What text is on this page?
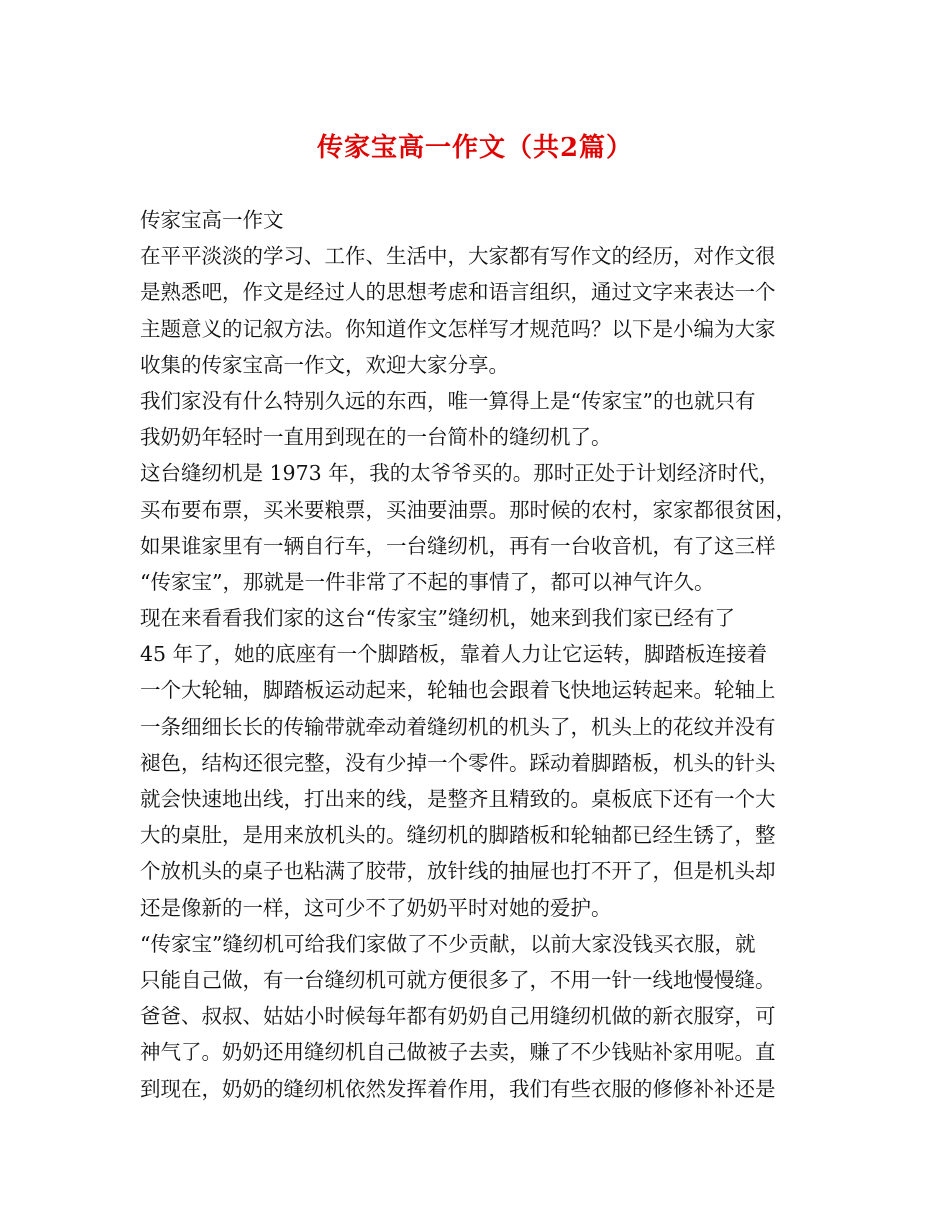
传家宝高一作文（共2篇）
传家宝高一作文
在平平淡淡的学习、工作、生活中，大家都有写作文的经历，对作文很
是熟悉吧，作文是经过人的思想考虑和语言组织，通过文字来表达一个
主题意义的记叙方法。你知道作文怎样写才规范吗？以下是小编为大家
收集的传家宝高一作文，欢迎大家分享。
我们家没有什么特别久远的东西，唯一算得上是“传家宝”的也就只有
我奶奶年轻时一直用到现在的一台简朴的缝纫机了。
这台缝纫机是 1973 年，我的太爷爷买的。那时正处于计划经济时代，
买布要布票，买米要粮票，买油要油票。那时候的农村，家家都很贫困，
如果谁家里有一辆自行车，一台缝纫机，再有一台收音机，有了这三样
“传家宝”，那就是一件非常了不起的事情了，都可以神气许久。
现在来看看我们家的这台“传家宝”缝纫机，她来到我们家已经有了
45 年了，她的底座有一个脚踏板，靠着人力让它运转，脚踏板连接着
一个大轮轴，脚踏板运动起来，轮轴也会跟着飞快地运转起来。轮轴上
一条细细长长的传输带就牵动着缝纫机的机头了，机头上的花纹并没有
褪色，结构还很完整，没有少掉一个零件。踩动着脚踏板，机头的针头
就会快速地出线，打出来的线，是整齐且精致的。桌板底下还有一个大
大的桌肚，是用来放机头的。缝纫机的脚踏板和轮轴都已经生锈了，整
个放机头的桌子也粘满了胶带，放针线的抽屉也打不开了，但是机头却
还是像新的一样，这可少不了奶奶平时对她的爱护。
“传家宝”缝纫机可给我们家做了不少贡献，以前大家没钱买衣服，就
只能自己做，有一台缝纫机可就方便很多了，不用一针一线地慢慢缝。
爸爸、叔叔、姑姑小时候每年都有奶奶自己用缝纫机做的新衣服穿，可
神气了。奶奶还用缝纫机自己做被子去卖，赚了不少钱贴补家用呢。直
到现在，奶奶的缝纫机依然发挥着作用，我们有些衣服的修修补补还是
